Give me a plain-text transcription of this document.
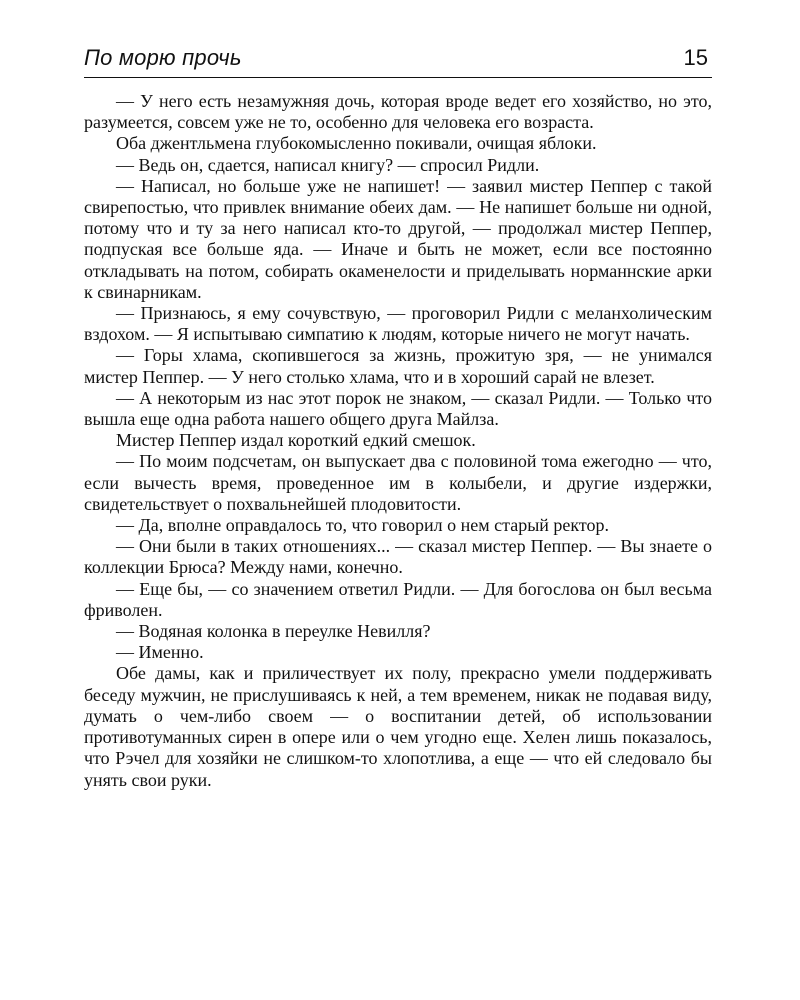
По морю прочь	15

— У него есть незамужняя дочь, которая вроде ведет его хозяйство, но это, разумеется, совсем уже не то, особенно для человека его возраста.

Оба джентльмена глубокомысленно покивали, очищая яблоки.

— Ведь он, сдается, написал книгу? — спросил Ридли.

— Написал, но больше уже не напишет! — заявил мистер Пеппер с такой свирепостью, что привлек внимание обеих дам. — Не напишет больше ни одной, потому что и ту за него написал кто-то другой, — продолжал мистер Пеппер, подпуская все больше яда. — Иначе и быть не может, если все постоянно откладывать на потом, собирать окаменелости и приделывать норманнские арки к свинарникам.

— Признаюсь, я ему сочувствую, — проговорил Ридли с меланхолическим вздохом. — Я испытываю симпатию к людям, которые ничего не могут начать.

— Горы хлама, скопившегося за жизнь, прожитую зря, — не унимался мистер Пеппер. — У него столько хлама, что и в хороший сарай не влезет.

— А некоторым из нас этот порок не знаком, — сказал Ридли. — Только что вышла еще одна работа нашего общего друга Майлза.

Мистер Пеппер издал короткий едкий смешок.

— По моим подсчетам, он выпускает два с половиной тома ежегодно — что, если вычесть время, проведенное им в колыбели, и другие издержки, свидетельствует о похвальнейшей плодовитости.

— Да, вполне оправдалось то, что говорил о нем старый ректор.

— Они были в таких отношениях... — сказал мистер Пеппер. — Вы знаете о коллекции Брюса? Между нами, конечно.

— Еще бы, — со значением ответил Ридли. — Для богослова он был весьма фриволен.

— Водяная колонка в переулке Невилля?

— Именно.

Обе дамы, как и приличествует их полу, прекрасно умели поддерживать беседу мужчин, не прислушиваясь к ней, а тем временем, никак не подавая виду, думать о чем-либо своем — о воспитании детей, об использовании противотуманных сирен в опере или о чем угодно еще. Хелен лишь показалось, что Рэчел для хозяйки не слишком-то хлопотлива, а еще — что ей следовало бы унять свои руки.
